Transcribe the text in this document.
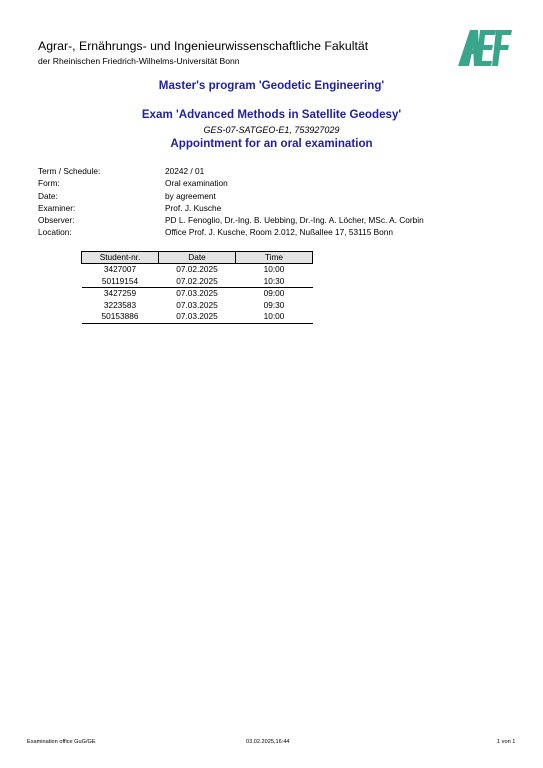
Agrar-, Ernährungs- und Ingenieurwissenschaftliche Fakultät
der Rheinischen Friedrich-Wilhelms-Universität Bonn
Master's program 'Geodetic Engineering'
Exam 'Advanced Methods in Satellite Geodesy'
GES-07-SATGEO-E1, 753927029
Appointment for an oral examination
Term / Schedule:	20242 / 01
Form:	Oral examination
Date:	by agreement
Examiner:	Prof. J. Kusche
Observer:	PD L. Fenoglio, Dr.-Ing. B. Uebbing, Dr.-Ing. A. Löcher, MSc. A. Corbin
Location:	Office Prof. J. Kusche, Room 2.012, Nußallee 17, 53115 Bonn
Student-nr.	Date	Time
3427007	07.02.2025	10:00
50119154	07.02.2025	10:30
3427259	07.03.2025	09:00
3223583	07.03.2025	09:30
50153886	07.03.2025	10:00
Examination office GuG/GE	03.02.2025,16:44	1 von 1
